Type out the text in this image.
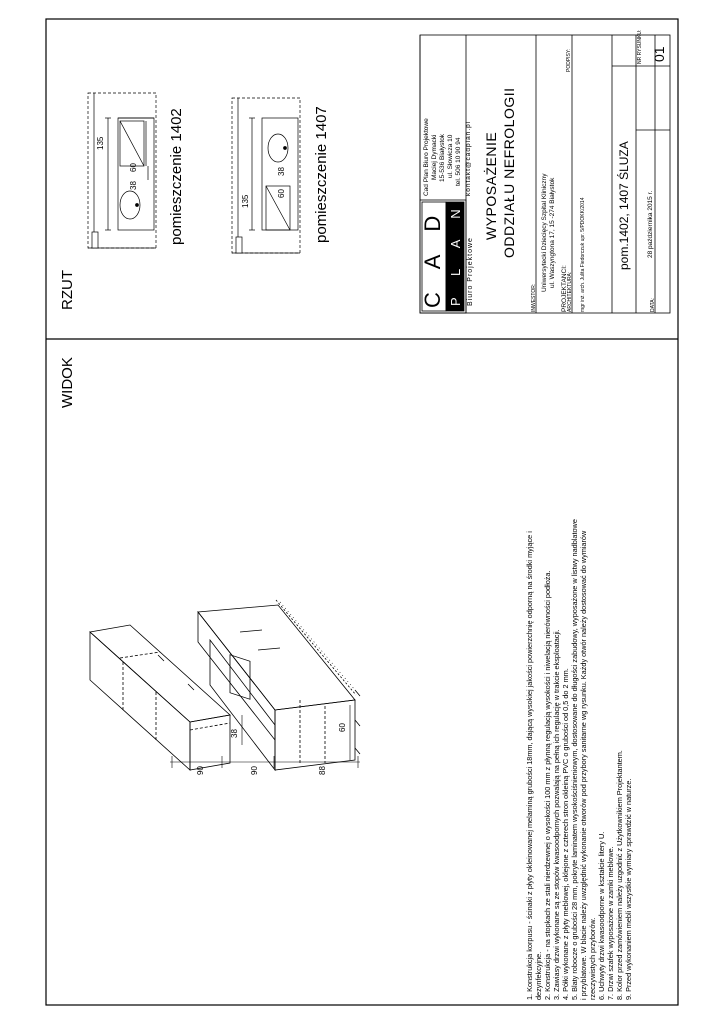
135
60
38 pomieszczenie 1402	135
38
60 pomieszczenie 1407
90	90	88
38
60
C A D P L A N Biuro Projektowe
Cad Plan Biuro Projektowe Maciej Dymacki 15-536 Białystok ul. Słowicza 10 tel. 506 10 90 94 kontakt@cadplan.pl WYPOSAŻENIE ODDZIAŁU NEFROLOGII
INWESTOR:
Uniwersytecki Dziecięcy Szpital Kliniczny ul. Waszyngtona 17, 15 -274 Białystok
PROJEKTANCI: ARCHITEKTURA:
PODPISY:
mgr inż. arch. Julita Fiedorczuk upr. 5/PDOKK/2014	pom.1402, 1407 ŚLUZA
DATA:
28 października 2015 r.
NR RYSUNKU: 01
RZUT
WIDOK
1. Konstrukcja korpusu - ścinaki z płyty okleinowanej melaminą grubości 18mm, dającą wysokiej jakości powierzchnię odporną na środki myjące i dezynfekcyjne. 2. Konstrukcja - na stopkach ze stali nierdzewnej o wysokości 100 mm z płynną regulacją wysokości i niwelacją nierówności podłoża. 3. Zawiasy drzwi wykonane są ze stopów kwasoodpornych pozwalają na pełną ich regulację w trakcie eksploatacji. 4. Półki wykonane z płyty meblowej, oklejone z czterech stron okleiną PVC o grubości od 0,5 do 2 mm. 5. Blaty robocze o grubości 28 mm, pokryte laminatem wysokościśnieniowym, dostosowane do długości zabudowy, wyposażone w listwy nadblatowe i przyblatowe. W blacie należy uwzględnić wykonanie otworów pod przybory sanitarne wg rysunku. Każdy otwór należy dostosować do wymiarów rzeczywistych przyborów. 6. Uchwyty drzwi kwasoodporne w kształcie litery U. 7. Drzwi szafek wyposażone w zamki meblowe. 8. Kolor przed zamówieniem należy uzgodnić z Użytkownikiem Projektantem. 9. Przed wykonaniem mebli wszystkie wymiary sprawdzić w naturze.
